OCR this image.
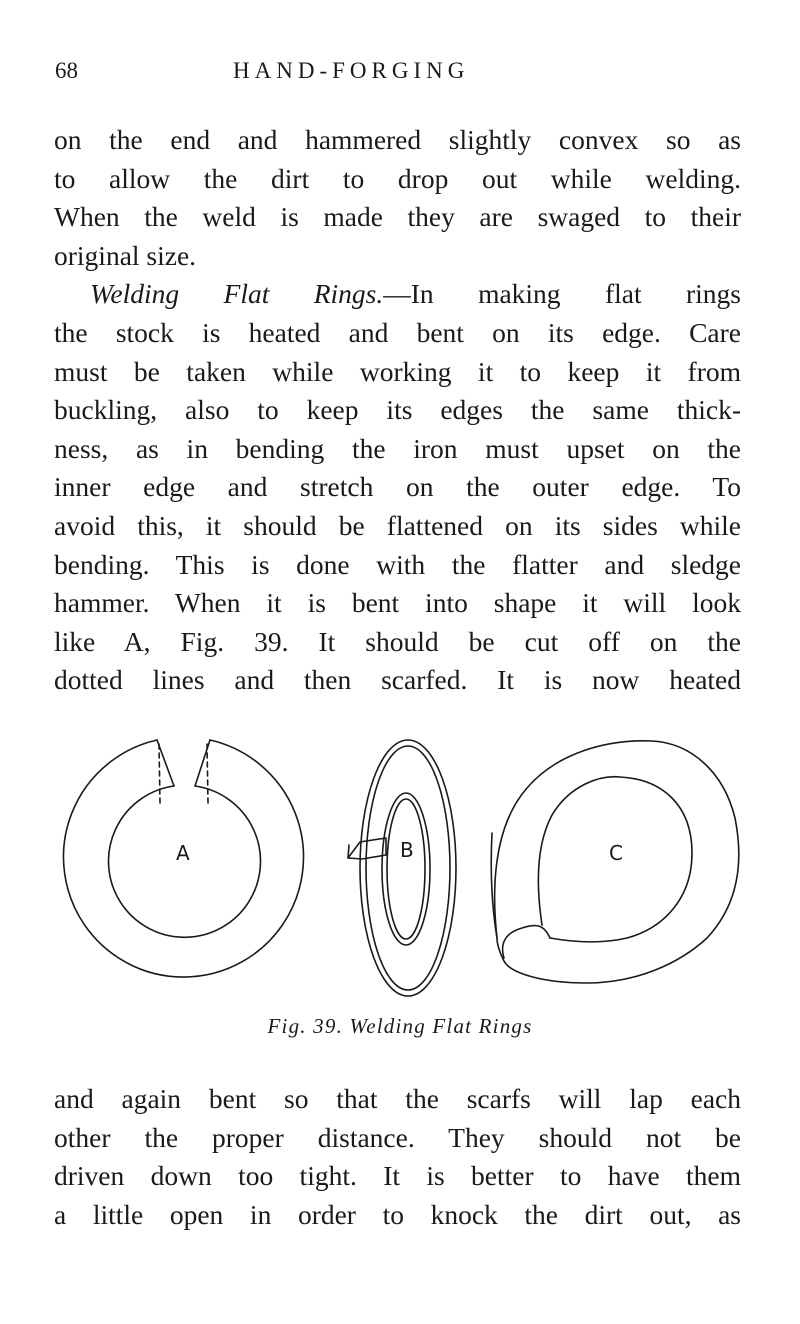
68	HAND-FORGING
on the end and hammered slightly convex so as
to allow the dirt to drop out while welding.
When the weld is made they are swaged to their
original size.
Welding Flat Rings.—In making flat rings
the stock is heated and bent on its edge. Care
must be taken while working it to keep it from
buckling, also to keep its edges the same thick-
ness, as in bending the iron must upset on the
inner edge and stretch on the outer edge. To
avoid this, it should be flattened on its sides while
bending. This is done with the flatter and sledge
hammer. When it is bent into shape it will look
like A, Fig. 39. It should be cut off on the
dotted lines and then scarfed. It is now heated
A	B	C
Fig. 39. Welding Flat Rings
and again bent so that the scarfs will lap each
other the proper distance. They should not be
driven down too tight. It is better to have them
a little open in order to knock the dirt out, as
